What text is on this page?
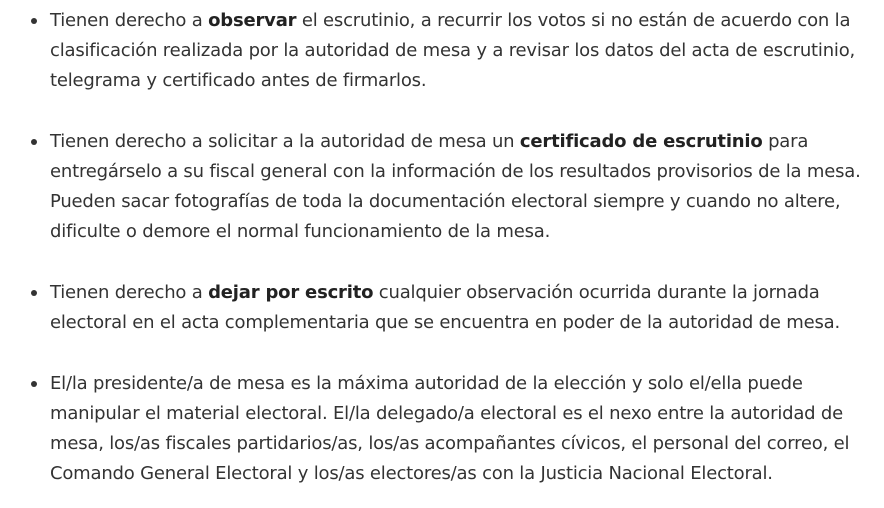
Tienen derecho a observar el escrutinio, a recurrir los votos si no están de acuerdo con la clasificación realizada por la autoridad de mesa y a revisar los datos del acta de escrutinio, telegrama y certificado antes de firmarlos.
Tienen derecho a solicitar a la autoridad de mesa un certificado de escrutinio para entregárselo a su fiscal general con la información de los resultados provisorios de la mesa. Pueden sacar fotografías de toda la documentación electoral siempre y cuando no altere, dificulte o demore el normal funcionamiento de la mesa.
Tienen derecho a dejar por escrito cualquier observación ocurrida durante la jornada electoral en el acta complementaria que se encuentra en poder de la autoridad de mesa.
El/la presidente/a de mesa es la máxima autoridad de la elección y solo el/ella puede manipular el material electoral. El/la delegado/a electoral es el nexo entre la autoridad de mesa, los/as fiscales partidarios/as, los/as acompañantes cívicos, el personal del correo, el Comando General Electoral y los/as electores/as con la Justicia Nacional Electoral.
